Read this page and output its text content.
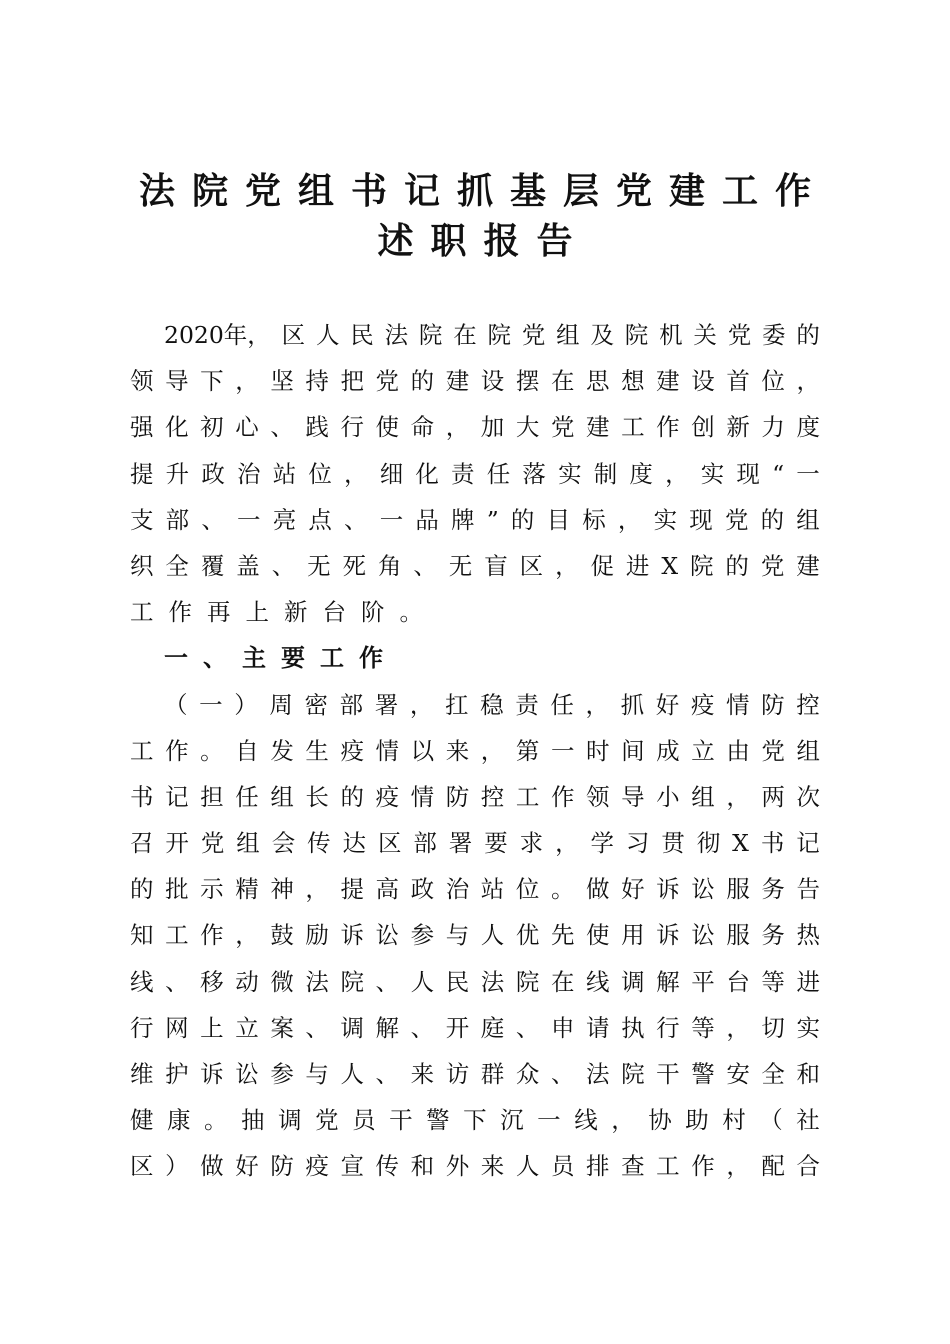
法院党组书记抓基层党建工作
述职报告
2020年， 区 人 民 法 院 在 院 党 组 及 院 机 关 党 委 的
领 导 下 ， 坚 持 把 党 的 建 设 摆 在 思 想 建 设 首 位 ，
强 化 初 心 、 践 行 使 命 ， 加 大 党 建 工 作 创 新 力 度
提 升 政 治 站 位 ， 细 化 责 任 落 实 制 度 ， 实 现 “ 一
支 部 、 一 亮 点 、 一 品 牌 ” 的 目 标 ， 实 现 党 的 组
织 全 覆 盖 、 无 死 角 、 无 盲 区 ， 促 进 X 院 的 党 建
工 作 再 上 新 台 阶 。
一 、 主 要 工 作
（ 一 ） 周 密 部 署 ， 扛 稳 责 任 ， 抓 好 疫 情 防 控
工 作 。 自 发 生 疫 情 以 来 ， 第 一 时 间 成 立 由 党 组
书 记 担 任 组 长 的 疫 情 防 控 工 作 领 导 小 组 ， 两 次
召 开 党 组 会 传 达 区 部 署 要 求 ， 学 习 贯 彻 X 书 记
的 批 示 精 神 ， 提 高 政 治 站 位 。 做 好 诉 讼 服 务 告
知 工 作 ， 鼓 励 诉 讼 参 与 人 优 先 使 用 诉 讼 服 务 热
线 、 移 动 微 法 院 、 人 民 法 院 在 线 调 解 平 台 等 进
行 网 上 立 案 、 调 解 、 开 庭 、 申 请 执 行 等 ， 切 实
维 护 诉 讼 参 与 人 、 来 访 群 众 、 法 院 干 警 安 全 和
健 康 。 抽 调 党 员 干 警 下 沉 一 线 ， 协 助 村 （ 社
区 ） 做 好 防 疫 宣 传 和 外 来 人 员 排 查 工 作 ， 配 合
